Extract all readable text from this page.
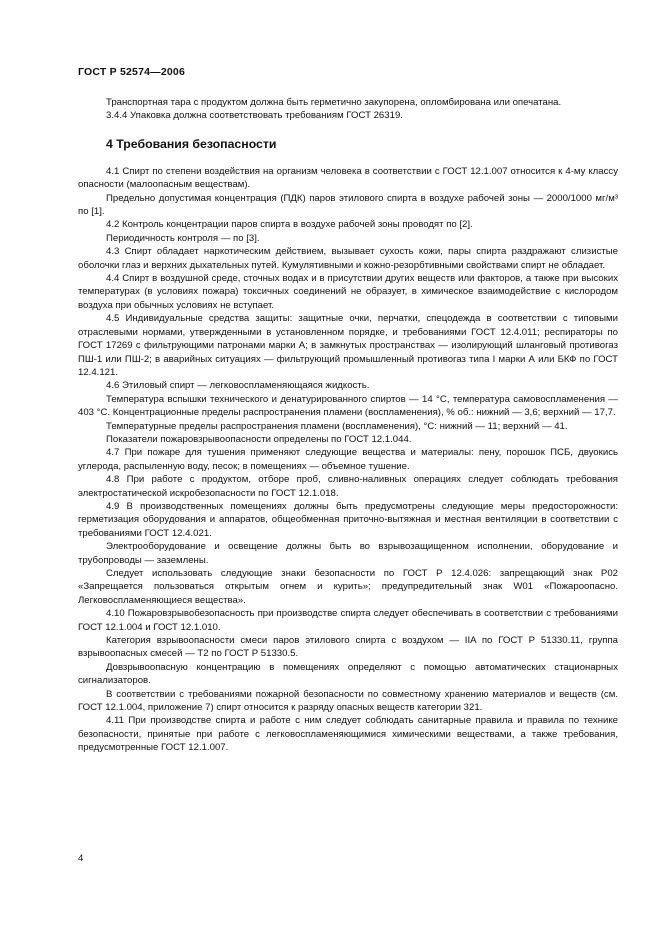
ГОСТ Р 52574—2006

Транспортная тара с продуктом должна быть герметично закупорена, опломбирована или опечатана.

3.4.4 Упаковка должна соответствовать требованиям ГОСТ 26319.

4 Требования безопасности

4.1 Спирт по степени воздействия на организм человека в соответствии с ГОСТ 12.1.007 относится к 4-му классу опасности (малоопасным веществам).

Предельно допустимая концентрация (ПДК) паров этилового спирта в воздухе рабочей зоны — 2000/1000 мг/м³ по [1].

4.2 Контроль концентрации паров спирта в воздухе рабочей зоны проводят по [2].

Периодичность контроля — по [3].

4.3 Спирт обладает наркотическим действием, вызывает сухость кожи, пары спирта раздражают слизистые оболочки глаз и верхних дыхательных путей. Кумулятивными и кожно-резорбтивными свойствами спирт не обладает.

4.4 Спирт в воздушной среде, сточных водах и в присутствии других веществ или факторов, а также при высоких температурах (в условиях пожара) токсичных соединений не образует, в химическое взаимодействие с кислородом воздуха при обычных условиях не вступает.

4.5 Индивидуальные средства защиты: защитные очки, перчатки, спецодежда в соответствии с типовыми отраслевыми нормами, утвержденными в установленном порядке, и требованиями ГОСТ 12.4.011; респираторы по ГОСТ 17269 с фильтрующими патронами марки А; в замкнутых пространствах — изолирующий шланговый противогаз ПШ-1 или ПШ-2; в аварийных ситуациях — фильтрующий промышленный противогаз типа I марки А или БКФ по ГОСТ 12.4.121.

4.6 Этиловый спирт — легковоспламеняющаяся жидкость.

Температура вспышки технического и денатурированного спиртов — 14 °С, температура самовоспламенения — 403 °С. Концентрационные пределы распространения пламени (воспламенения), % об.: нижний — 3,6; верхний — 17,7.

Температурные пределы распространения пламени (воспламенения), °С: нижний — 11; верхний — 41.

Показатели пожаровзрывоопасности определены по ГОСТ 12.1.044.

4.7 При пожаре для тушения применяют следующие вещества и материалы: пену, порошок ПСБ, двуокись углерода, распыленную воду, песок; в помещениях — объемное тушение.

4.8 При работе с продуктом, отборе проб, сливно-наливных операциях следует соблюдать требования электростатической искробезопасности по ГОСТ 12.1.018.

4.9 В производственных помещениях должны быть предусмотрены следующие меры предосторожности: герметизация оборудования и аппаратов, общеобменная приточно-вытяжная и местная вентиляции в соответствии с требованиями ГОСТ 12.4.021.

Электрооборудование и освещение должны быть во взрывозащищенном исполнении, оборудование и трубопроводы — заземлены.

Следует использовать следующие знаки безопасности по ГОСТ Р 12.4.026: запрещающий знак Р02 «Запрещается пользоваться открытым огнем и курить»; предупредительный знак W01 «Пожароопасно. Легковоспламеняющиеся вещества».

4.10 Пожаровзрывобезопасность при производстве спирта следует обеспечивать в соответствии с требованиями ГОСТ 12.1.004 и ГОСТ 12.1.010.

Категория взрывоопасности смеси паров этилового спирта с воздухом — IIA по ГОСТ Р 51330.11, группа взрывоопасных смесей — Т2 по ГОСТ Р 51330.5.

Довзрывоопасную концентрацию в помещениях определяют с помощью автоматических стационарных сигнализаторов.

В соответствии с требованиями пожарной безопасности по совместному хранению материалов и веществ (см. ГОСТ 12.1.004, приложение 7) спирт относится к разряду опасных веществ категории 321.

4.11 При производстве спирта и работе с ним следует соблюдать санитарные правила и правила по технике безопасности, принятые при работе с легковоспламеняющимися химическими веществами, а также требования, предусмотренные ГОСТ 12.1.007.

4
